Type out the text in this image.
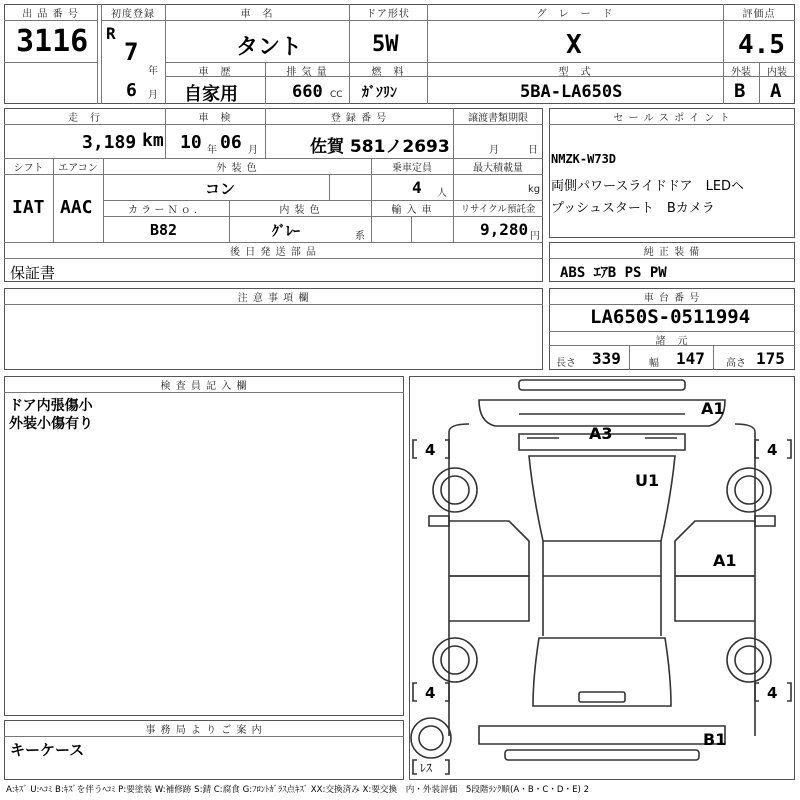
出 品 番 号
3116
初度登録
R
7
年
6 月
車　名
タント
ドア形状
5W
グ　レ　ー　ド
X
評価点
4.5
車　歴
自家用
排 気 量
660 CC
燃　料
ｶﾞｿﾘﾝ
型　式
5BA-LA650S
外装
B
内装
A
走　行
3,189 km
車　検
10 年 06 月
登 録 番 号
佐賀 581ノ2693
譲渡書類期限
月	日
シフト
IAT
エアコン
AAC
外 装 色
コン
乗車定員
4 人
最大積載量
kg
カ ラ ー Ｎ ｏ ．
B82
内 装 色
ｸﾞﾚｰ	系
輸 入 車	リサイクル預託金
9,280 円
後 日 発 送 部 品
保証書
セ ー ル ス ポ イ ン ト
NMZK-W73D
両側パワースライドドア　LEDヘ
プッシュスタート　Bカメラ
純 正 装 備
ABS ｴｱB PS PW
注 意 事 項 欄	車 台 番 号
LA650S-0511994
諸　元
長さ 339	幅 147 高さ 175
検 査 員 記 入 欄
ドア内張傷小
外装小傷有り
事 務 局 よ り ご 案 内
キーケース
A1
A3
U1
A1
B1
4	4
4	4
ﾚｽ
A:ｷｽﾞ U:ﾍｺﾐ B:ｷｽﾞを伴うﾍｺﾐ P:要塗装 W:補修跡 S:錆 C:腐食 G:ﾌﾛﾝﾄｶﾞﾗｽ点ｷｽﾞ XX:交換済み X:要交換　内・外装評価　5段階ﾗﾝｸ順(A・B・C・D・E) 2
